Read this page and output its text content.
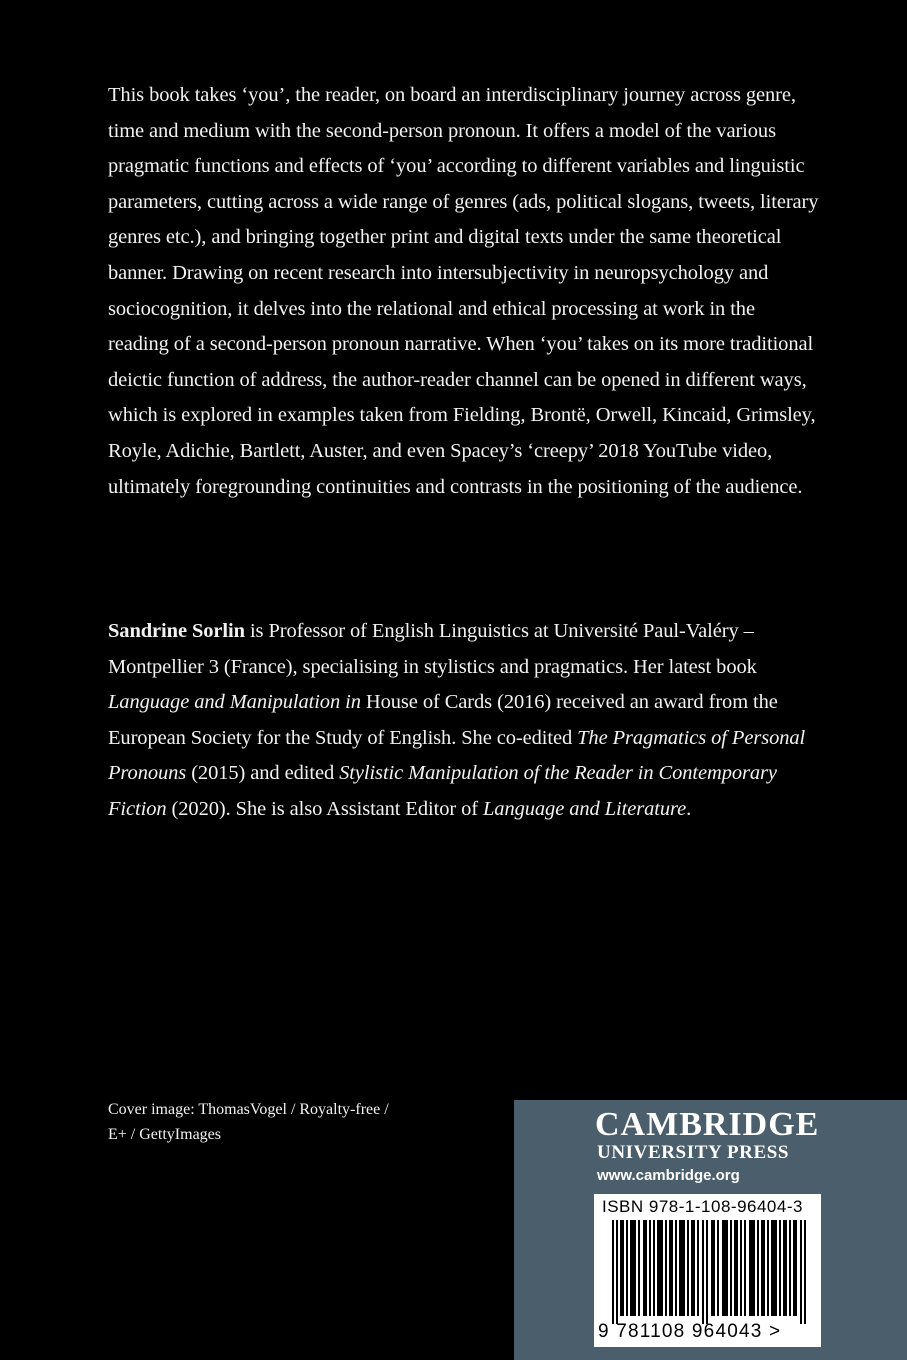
This book takes ‘you’, the reader, on board an interdisciplinary journey across genre, time and medium with the second-person pronoun. It offers a model of the various pragmatic functions and effects of ‘you’ according to different variables and linguistic parameters, cutting across a wide range of genres (ads, political slogans, tweets, literary genres etc.), and bringing together print and digital texts under the same theoretical banner. Drawing on recent research into intersubjectivity in neuropsychology and sociocognition, it delves into the relational and ethical processing at work in the reading of a second-person pronoun narrative. When ‘you’ takes on its more traditional deictic function of address, the author-reader channel can be opened in different ways, which is explored in examples taken from Fielding, Brontë, Orwell, Kincaid, Grimsley, Royle, Adichie, Bartlett, Auster, and even Spacey’s ‘creepy’ 2018 YouTube video, ultimately foregrounding continuities and contrasts in the positioning of the audience.

Sandrine Sorlin is Professor of English Linguistics at Université Paul-Valéry – Montpellier 3 (France), specialising in stylistics and pragmatics. Her latest book Language and Manipulation in House of Cards (2016) received an award from the European Society for the Study of English. She co-edited The Pragmatics of Personal Pronouns (2015) and edited Stylistic Manipulation of the Reader in Contemporary Fiction (2020). She is also Assistant Editor of Language and Literature.

Cover image: ThomasVogel / Royalty-free /
E+ / GettyImages	CAMBRIDGE

UNIVERSITY PRESS

www.cambridge.org

ISBN 978-1-108-96404-3

9 781108 964043 >
